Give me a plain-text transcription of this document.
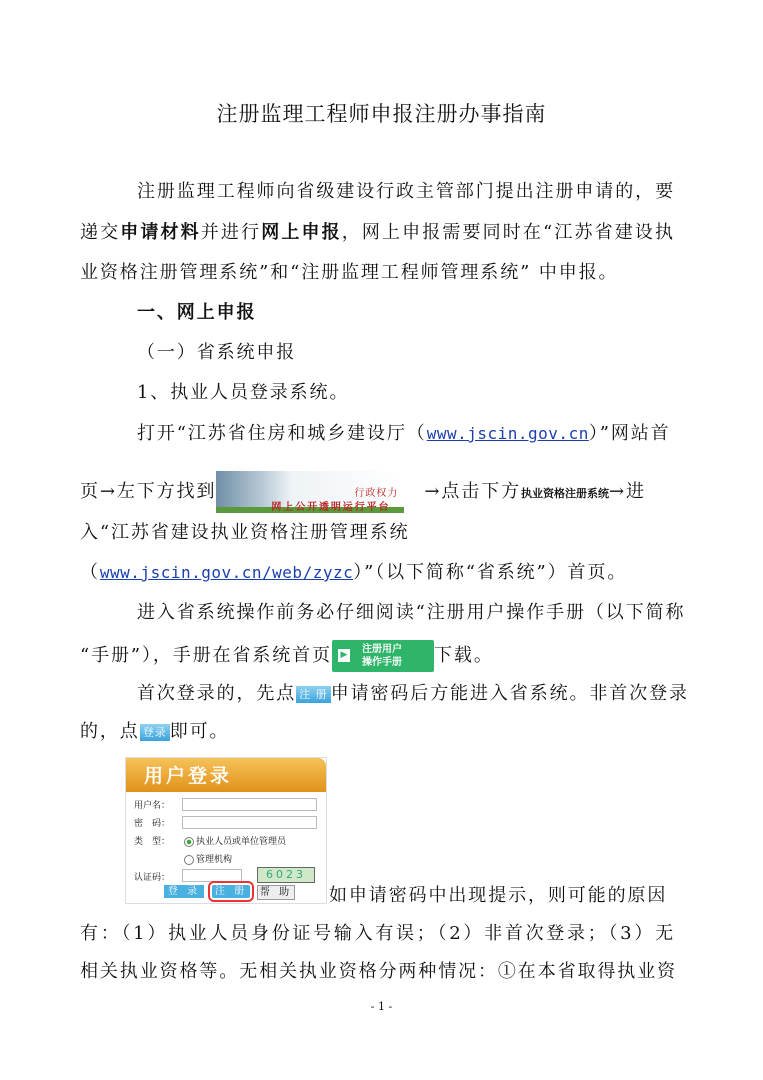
注册监理工程师申报注册办事指南
注册监理工程师向省级建设行政主管部门提出注册申请的，要
递交申请材料并进行网上申报，网上申报需要同时在“江苏省建设执
业资格注册管理系统”和“注册监理工程师管理系统” 中申报。
一、网上申报
（一）省系统申报
1、执业人员登录系统。
打开“江苏省住房和城乡建设厅（www.jscin.gov.cn）”网站首
页→左下方找到	行政权力
网上公开透明运行平台
→点击下方执业资格注册系统→进
入“江苏省建设执业资格注册管理系统
（www.jscin.gov.cn/web/zyzc）”（以下简称“省系统”）首页。
进入省系统操作前务必仔细阅读“注册用户操作手册（以下简称
“手册”），手册在省系统首页 ▶ 注册用户
操作手册 下载。
首次登录的，先点 注 册 申请密码后方能进入省系统。非首次登录
的，点 登录 即可。
用户登录
用户名：
密　码：
类　型：	执业人员或单位管理员
管理机构
认证码：	6023
登 录	注 册 帮 助 如申请密码中出现提示，则可能的原因
有：（1）执业人员身份证号输入有误；（2）非首次登录；（3）无
相关执业资格等。无相关执业资格分两种情况：①在本省取得执业资
- 1 -
